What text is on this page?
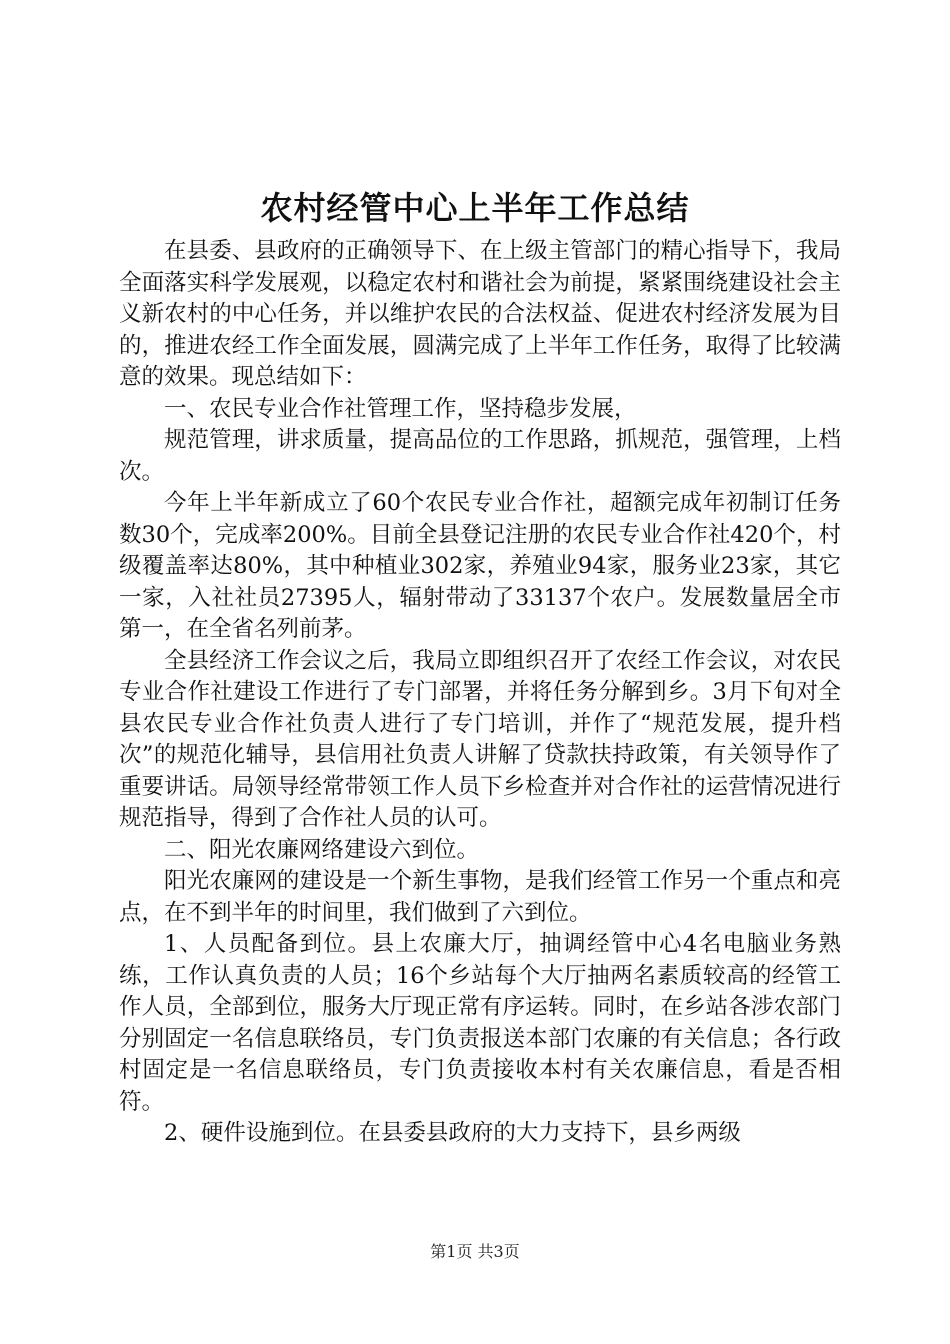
农村经管中心上半年工作总结

在县委、县政府的正确领导下、在上级主管部门的精心指导下，我局全面落实科学发展观，以稳定农村和谐社会为前提，紧紧围绕建设社会主义新农村的中心任务，并以维护农民的合法权益、促进农村经济发展为目的，推进农经工作全面发展，圆满完成了上半年工作任务，取得了比较满意的效果。现总结如下：

一、农民专业合作社管理工作，坚持稳步发展，

规范管理，讲求质量，提高品位的工作思路，抓规范，强管理，上档次。

今年上半年新成立了60个农民专业合作社，超额完成年初制订任务数30个，完成率200%。目前全县登记注册的农民专业合作社420个，村级覆盖率达80%，其中种植业302家，养殖业94家，服务业23家，其它一家，入社社员27395人，辐射带动了33137个农户。发展数量居全市第一，在全省名列前茅。

全县经济工作会议之后，我局立即组织召开了农经工作会议，对农民专业合作社建设工作进行了专门部署，并将任务分解到乡。3月下旬对全县农民专业合作社负责人进行了专门培训，并作了“规范发展，提升档次”的规范化辅导，县信用社负责人讲解了贷款扶持政策，有关领导作了重要讲话。局领导经常带领工作人员下乡检查并对合作社的运营情况进行规范指导，得到了合作社人员的认可。

二、阳光农廉网络建设六到位。

阳光农廉网的建设是一个新生事物，是我们经管工作另一个重点和亮点，在不到半年的时间里，我们做到了六到位。

1、人员配备到位。县上农廉大厅，抽调经管中心4名电脑业务熟练，工作认真负责的人员；16个乡站每个大厅抽两名素质较高的经管工作人员，全部到位，服务大厅现正常有序运转。同时，在乡站各涉农部门分别固定一名信息联络员，专门负责报送本部门农廉的有关信息；各行政村固定是一名信息联络员，专门负责接收本村有关农廉信息，看是否相符。

2、硬件设施到位。在县委县政府的大力支持下，县乡两级

第1页 共3页
